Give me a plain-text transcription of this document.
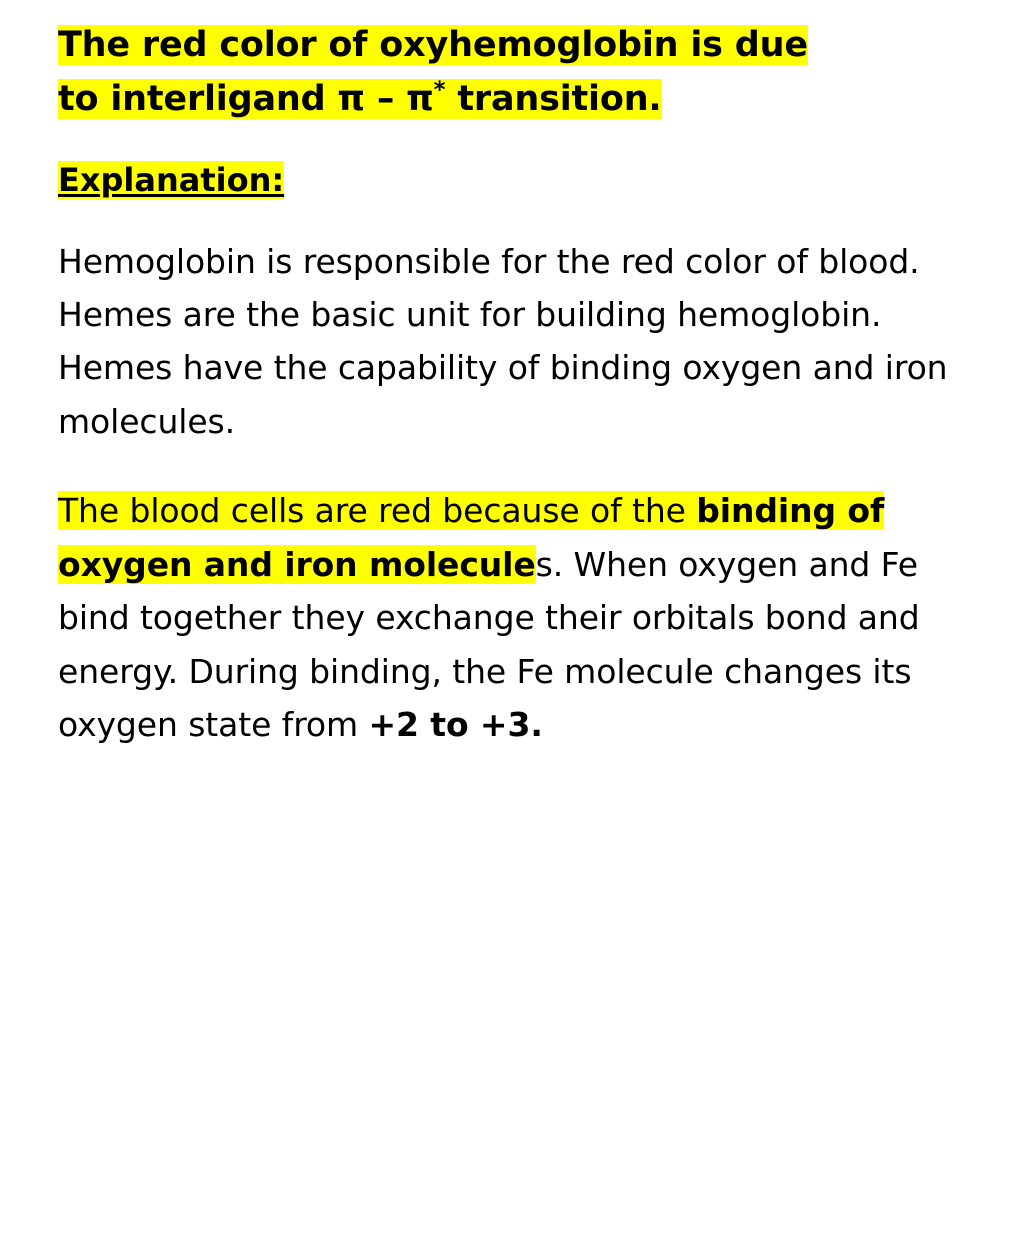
The red color of oxyhemoglobin is due
to interligand π – π* transition.
Explanation:

Hemoglobin is responsible for the red color of blood. Hemes are the basic unit for building hemoglobin. Hemes have the capability of binding oxygen and iron molecules.

The blood cells are red because of the binding of oxygen and iron molecules. When oxygen and Fe bind together they exchange their orbitals bond and energy. During binding, the Fe molecule changes its oxygen state from +2 to +3.
